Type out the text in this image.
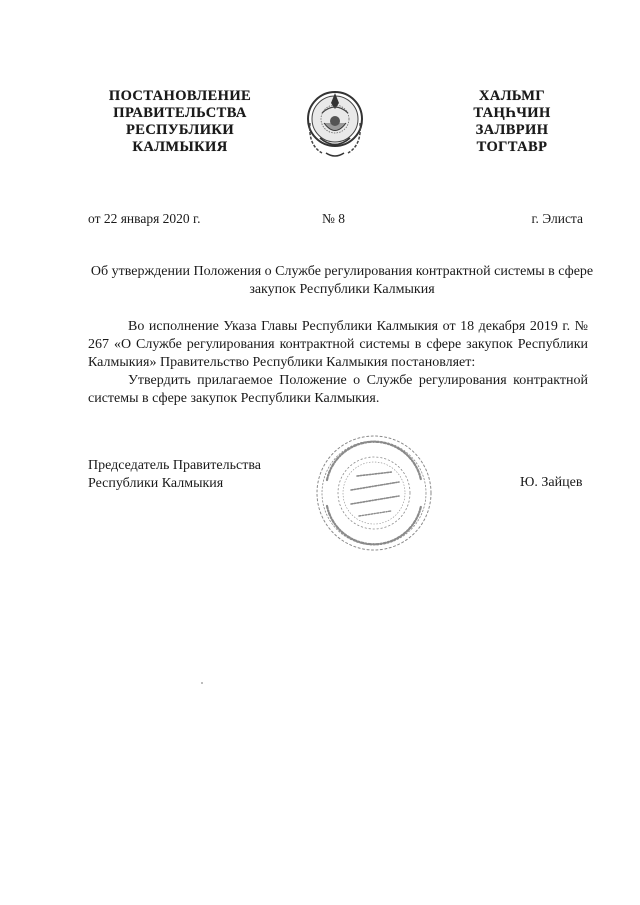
ПОСТАНОВЛЕНИЕ
ПРАВИТЕЛЬСТВА
РЕСПУБЛИКИ
КАЛМЫКИЯ
ХАЛЬМГ
ТАҢҺЧИН
ЗАЛВРИН
ТОГТАВР
от 22 января 2020 г.	№ 8	г. Элиста
Об утверждении Положения о Службе регулирования контрактной системы в сфере закупок Республики Калмыкия

Во исполнение Указа Главы Республики Калмыкия от 18 декабря 2019 г. № 267 «О Службе регулирования контрактной системы в сфере закупок Республики Калмыкия» Правительство Республики Калмыкия постановляет:

Утвердить прилагаемое Положение о Службе регулирования контрактной системы в сфере закупок Республики Калмыкия.

Председатель Правительства
Республики Калмыкия	Ю. Зайцев
